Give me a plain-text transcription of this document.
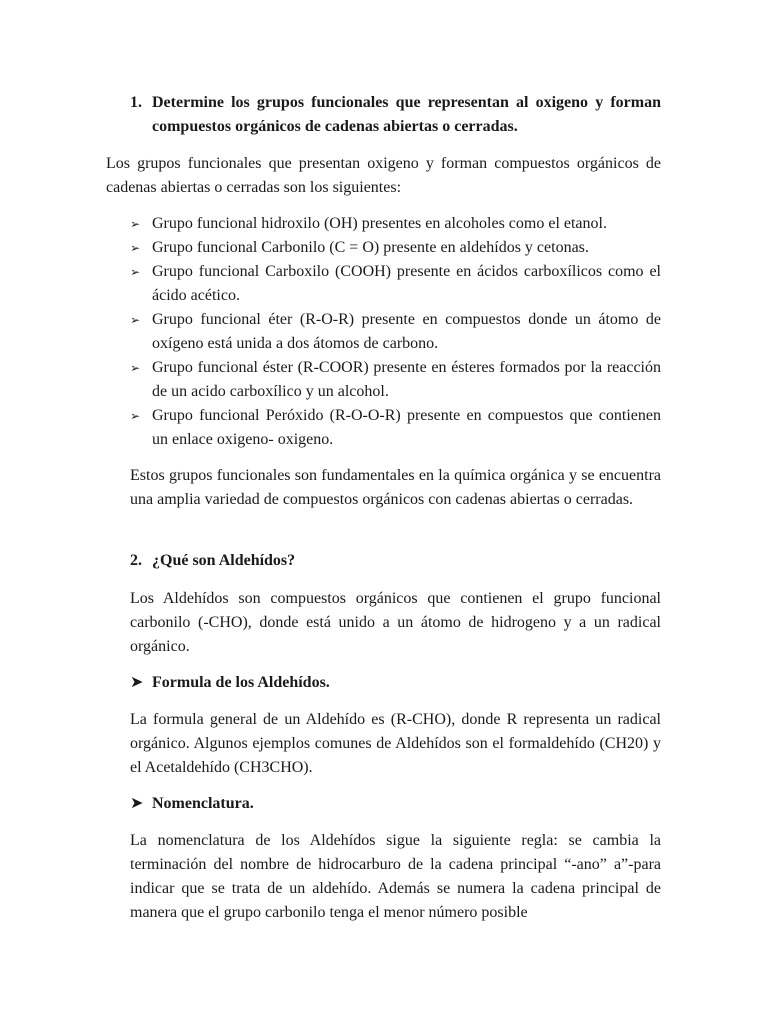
1. Determine los grupos funcionales que representan al oxigeno y forman compuestos orgánicos de cadenas abiertas o cerradas.

Los grupos funcionales que presentan oxigeno y forman compuestos orgánicos de cadenas abiertas o cerradas son los siguientes:

➢ Grupo funcional hidroxilo (OH) presentes en alcoholes como el etanol.
➢ Grupo funcional Carbonilo (C = O) presente en aldehídos y cetonas.
➢ Grupo funcional Carboxilo (COOH) presente en ácidos carboxílicos como el ácido acético.
➢ Grupo funcional éter (R-O-R) presente en compuestos donde un átomo de oxígeno está unida a dos átomos de carbono.
➢ Grupo funcional éster (R-COOR) presente en ésteres formados por la reacción de un acido carboxílico y un alcohol.
➢ Grupo funcional Peróxido (R-O-O-R) presente en compuestos que contienen un enlace oxigeno- oxigeno.

Estos grupos funcionales son fundamentales en la química orgánica y se encuentra una amplia variedad de compuestos orgánicos con cadenas abiertas o cerradas.

2. ¿Qué son Aldehídos?

Los Aldehídos son compuestos orgánicos que contienen el grupo funcional carbonilo (-CHO), donde está unido a un átomo de hidrogeno y a un radical orgánico.

➤ Formula de los Aldehídos.

La formula general de un Aldehído es (R-CHO), donde R representa un radical orgánico. Algunos ejemplos comunes de Aldehídos son el formaldehído (CH20) y el Acetaldehído (CH3CHO).

➤ Nomenclatura.

La nomenclatura de los Aldehídos sigue la siguiente regla: se cambia la terminación del nombre de hidrocarburo de la cadena principal “-ano” a”-para indicar que se trata de un aldehído. Además se numera la cadena principal de manera que el grupo carbonilo tenga el menor número posible
